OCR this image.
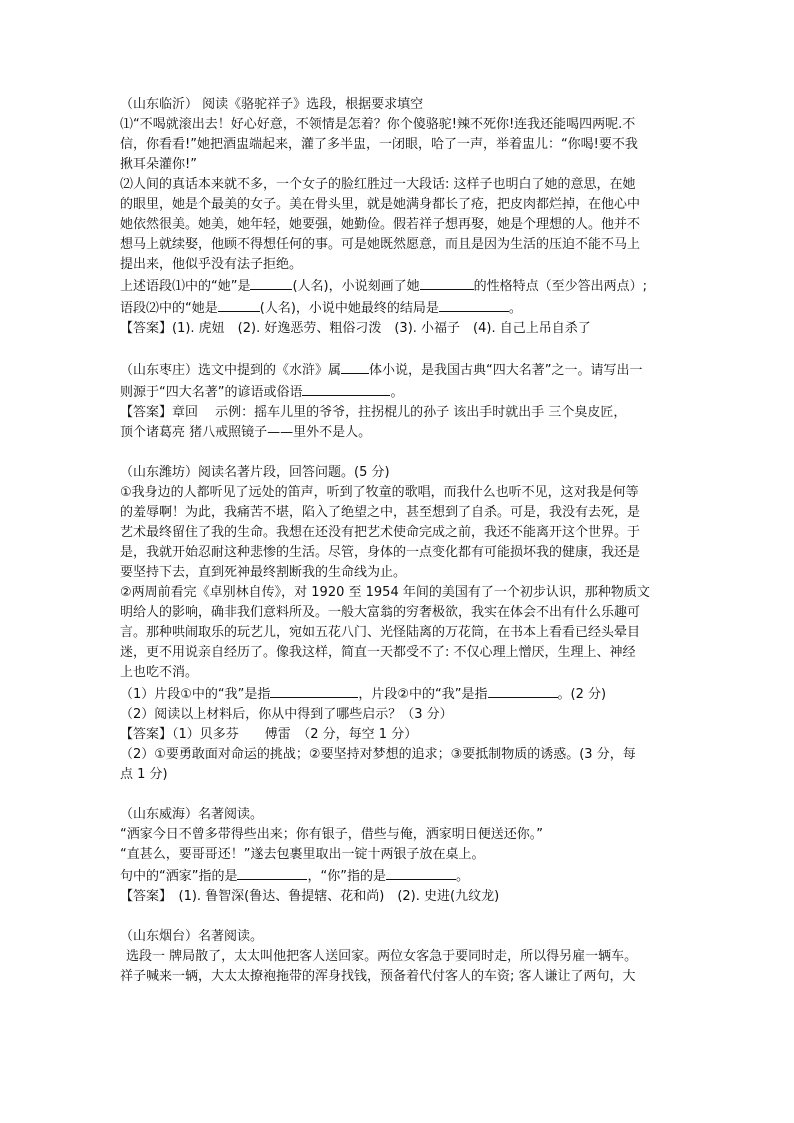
（山东临沂） 阅读《骆驼祥子》选段，根据要求填空

⑴“不喝就滚出去！好心好意，不领情是怎着？你个傻骆驼!辣不死你!连我还能喝四两呢.不

信，你看看!”她把酒盅端起来，灌了多半盅，一闭眼，哈了一声，举着盅儿：“你喝!要不我

揪耳朵灌你!”

⑵人间的真话本来就不多，一个女子的脸红胜过一大段话: 这样子也明白了她的意思，在她

的眼里，她是个最美的女子。美在骨头里，就是她满身都长了疮，把皮肉都烂掉，在他心中

她依然很美。她美，她年轻，她要强，她勤俭。假若祥子想再娶，她是个理想的人。他并不

想马上就续娶，他顾不得想任何的事。可是她既然愿意，而且是因为生活的压迫不能不马上

提出来，他似乎没有法子拒绝。

上述语段⑴中的“她”是	(人名)，小说刻画了她	的性格特点（至少答出两点）;

语段⑵中的“她是	(人名)，小说中她最终的结局是	。

【答案】(1). 虎妞　(2). 好逸恶劳、粗俗刁泼　(3). 小福子　(4). 自己上吊自杀了

（山东枣庄）选文中提到的《水浒》属 体小说，是我国古典“四大名著”之一。请写出一

则源于“四大名著”的谚语或俗语	。

【答案】章回　 示例：摇车儿里的爷爷，拄拐棍儿的孙子 该出手时就出手 三个臭皮匠，

顶个诸葛亮 猪八戒照镜子——里外不是人。

（山东潍坊）阅读名著片段，回答问题。(5 分)

①我身边的人都听见了远处的笛声，听到了牧童的歌唱，而我什么也听不见，这对我是何等

的羞辱啊！为此，我痛苦不堪，陷入了绝望之中，甚至想到了自杀。可是，我没有去死，是

艺术最终留住了我的生命。我想在还没有把艺术使命完成之前，我还不能离开这个世界。于

是，我就开始忍耐这种悲惨的生活。尽管，身体的一点变化都有可能损坏我的健康，我还是

要坚持下去，直到死神最终割断我的生命线为止。

②两周前看完《卓别林自传》，对 1920 至 1954 年间的美国有了一个初步认识，那种物质文

明给人的影响，确非我们意料所及。一般大富翁的穷奢极欲，我实在体会不出有什么乐趣可

言。那种哄闹取乐的玩艺儿，宛如五花八门、光怪陆离的万花筒，在书本上看看已经头晕目

迷，更不用说亲自经历了。像我这样，简直一天都受不了: 不仅心理上憎厌，生理上、神经

上也吃不消。

（1）片段①中的“我”是指	，片段②中的“我”是指	。(2 分)

（2）阅读以上材料后，你从中得到了哪些启示？（3 分）

【答案】（1）贝多芬　　傅雷　（2 分，每空 1 分）

（2）①要勇敢面对命运的挑战；②要坚持对梦想的追求；③要抵制物质的诱惑。(3 分，每

点 1 分)

（山东威海）名著阅读。

“洒家今日不曾多带得些出来；你有银子，借些与俺，洒家明日便送还你。”

“直甚么，要哥哥还！”遂去包裹里取出一锭十两银子放在桌上。

句中的“洒家”指的是	，“你”指的是	。

【答案】　(1). 鲁智深(鲁达、鲁提辖、花和尚)　(2). 史进(九纹龙)

（山东烟台）名著阅读。

选段一 牌局散了，太太叫他把客人送回家。两位女客急于要同时走，所以得另雇一辆车。

祥子喊来一辆，大太太撩袍拖带的浑身找钱，预备着代付客人的车资; 客人谦让了两句，大
